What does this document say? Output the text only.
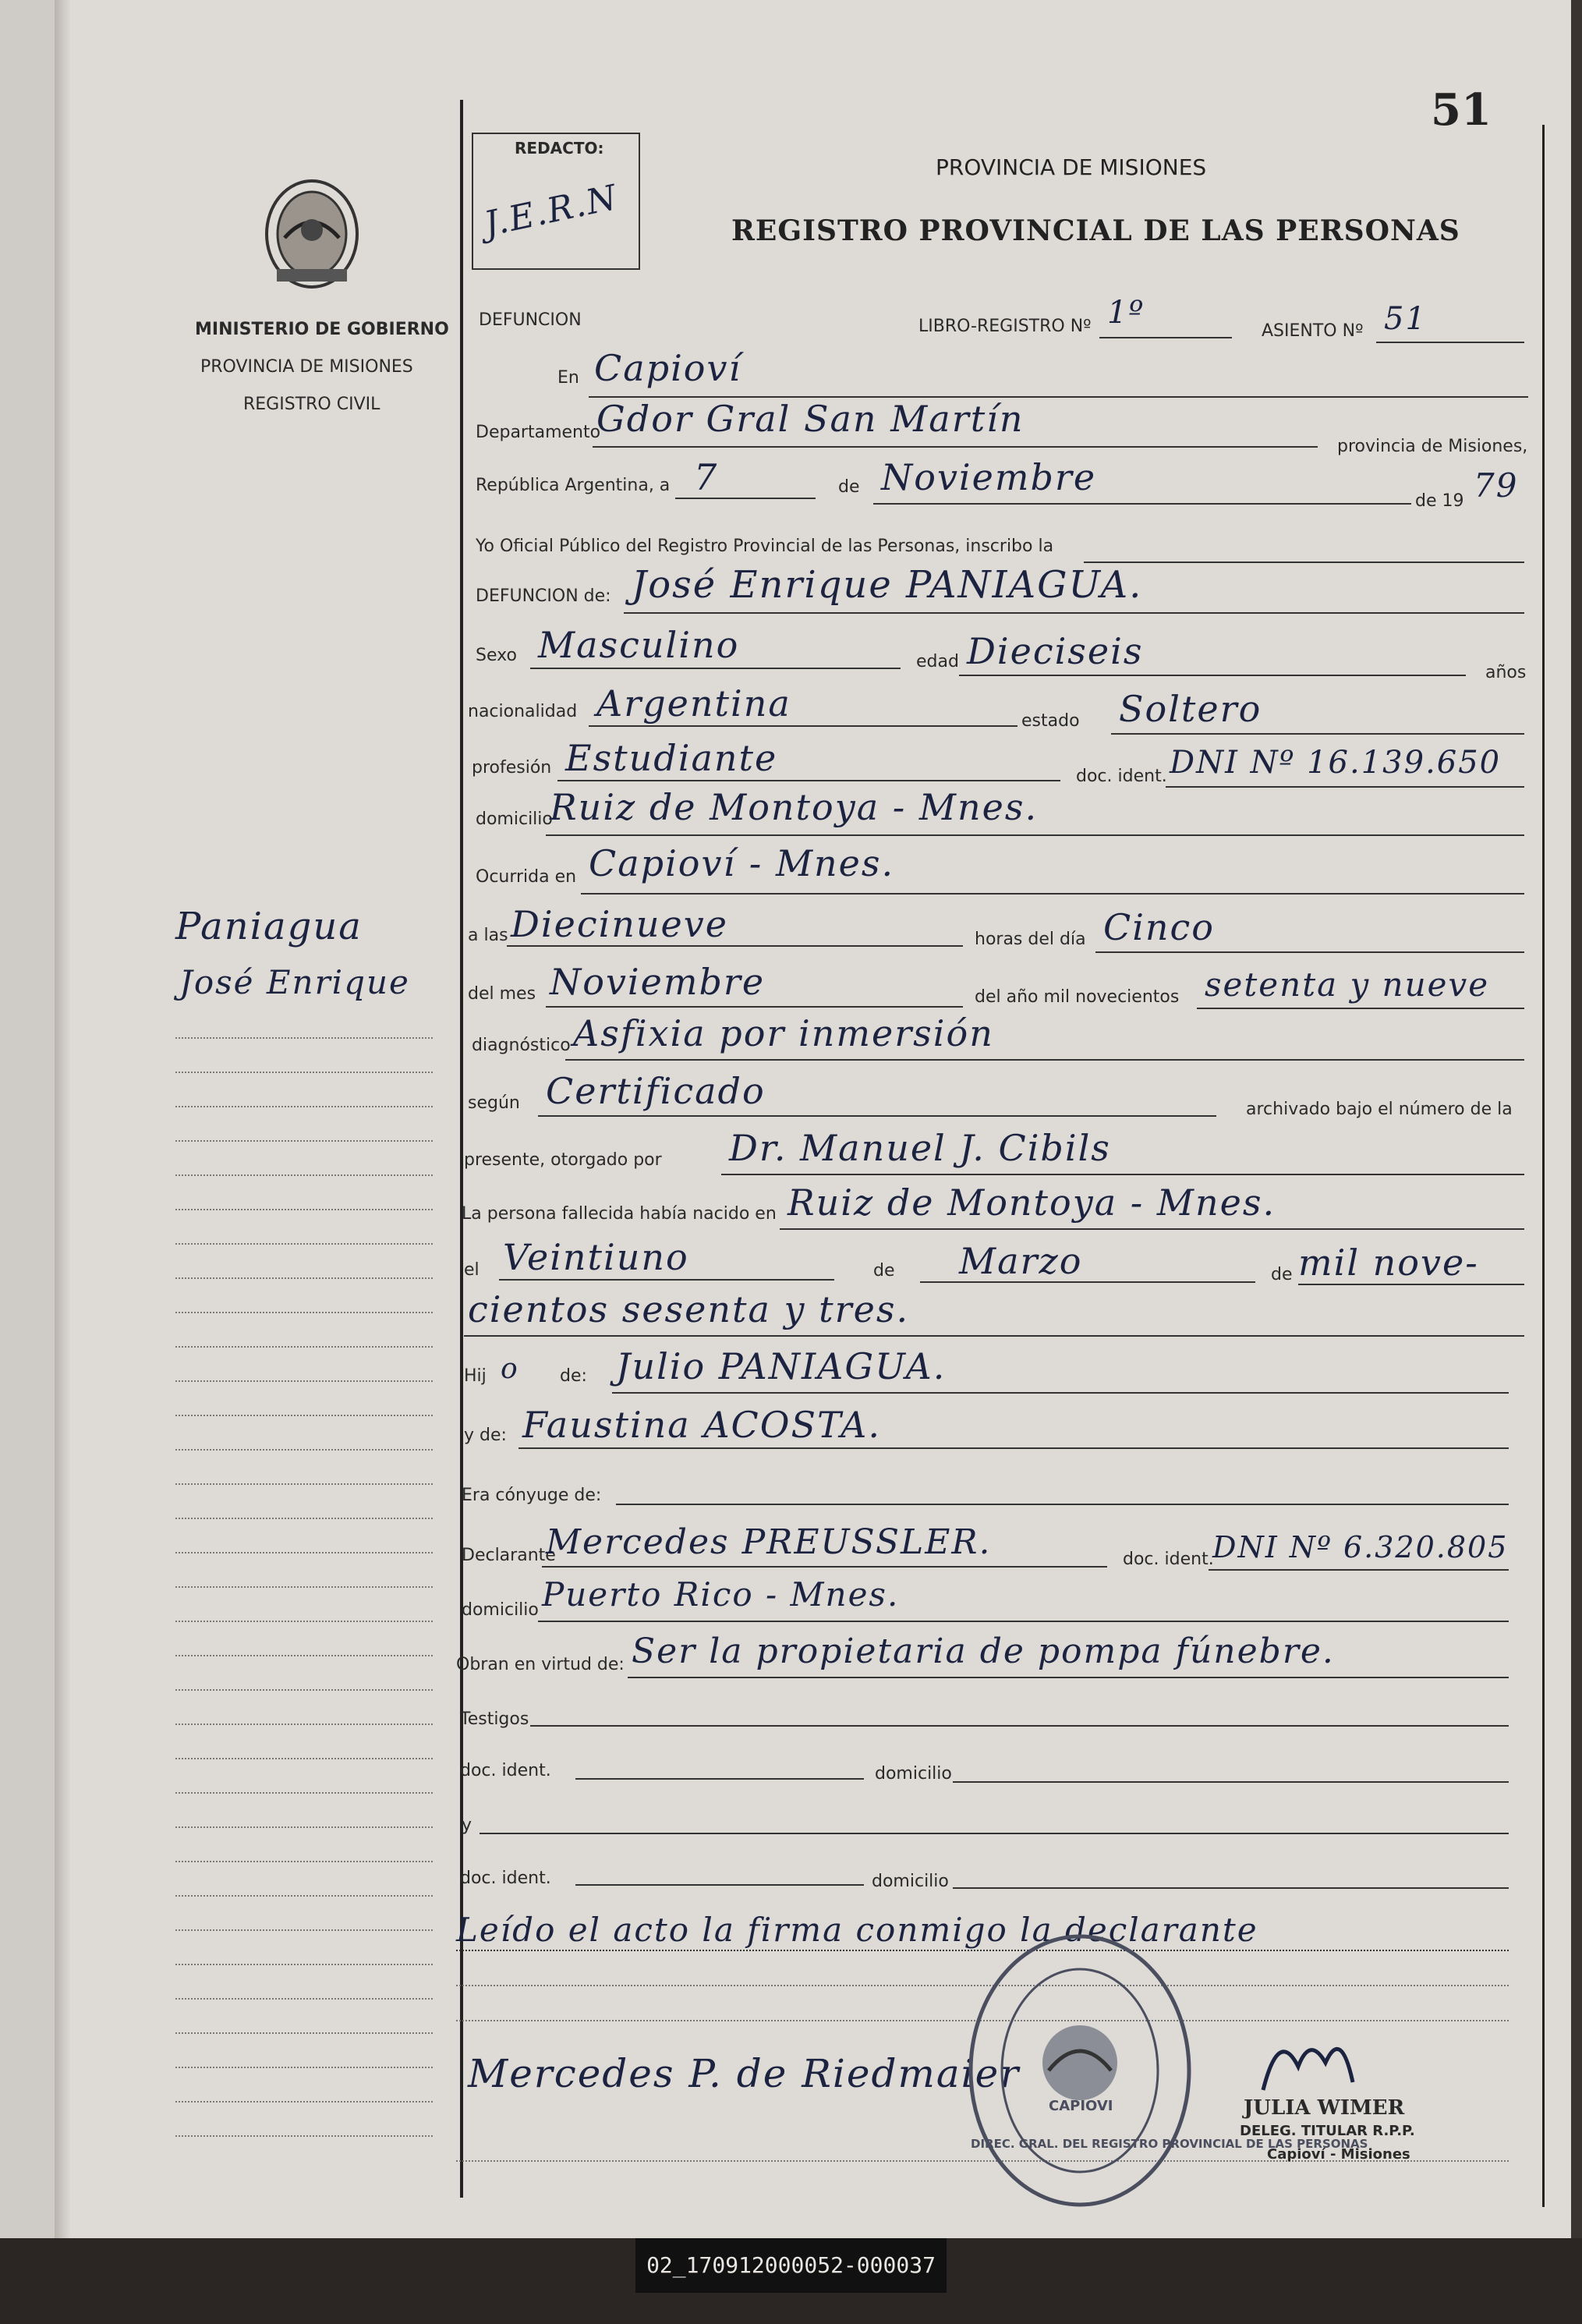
51
MINISTERIO DE GOBIERNO
PROVINCIA DE MISIONES
REGISTRO CIVIL
REDACTO:
J.E.R.N
PROVINCIA DE MISIONES
REGISTRO PROVINCIAL DE LAS PERSONAS
Paniagua
José Enrique
DEFUNCION	LIBRO-REGISTRO Nº 1º
ASIENTO Nº 51
En Capioví
Departamento
Gdor Gral San Martín
provincia de Misiones,
República Argentina, a 7	de Noviembre
de 19 79
Yo Oficial Público del Registro Provincial de las Personas, inscribo la
DEFUNCION de: José Enrique PANIAGUA.
Sexo Masculino	edad Dieciseis
años
nacionalidad Argentina	estado Soltero
profesión Estudiante	doc. ident. DNI Nº 16.139.650
domicilio
Ruiz de Montoya - Mnes.
Ocurrida en Capioví - Mnes.
a las Diecinueve	horas del día Cinco
del mes Noviembre	del año mil novecientos setenta y nueve
diagnóstico Asfixia por inmersión
según Certificado	archivado bajo el número de la
presente, otorgado por Dr. Manuel J. Cibils
La persona fallecida había nacido en Ruiz de Montoya - Mnes.
el Veintiuno	de Marzo	de mil nove-
cientos sesenta y tres.
Hij o de: Julio PANIAGUA.
y de: Faustina ACOSTA.
Era cónyuge de:
Declarante
Mercedes PREUSSLER.	doc. ident.
DNI Nº 6.320.805
domicilio Puerto Rico - Mnes.
Obran en virtud de: Ser la propietaria de pompa fúnebre.
Testigos
doc. ident.	domicilio
y
doc. ident.	domicilio
Leído el acto la firma conmigo la declarante
Mercedes P. de Riedmaier
DIREC. GRAL. DEL REGISTRO PROVINCIAL DE LAS PERSONAS
CAPIOVI	JULIA WIMER
DELEG. TITULAR R.P.P.
Capioví - Misiones
02_170912000052-000037
